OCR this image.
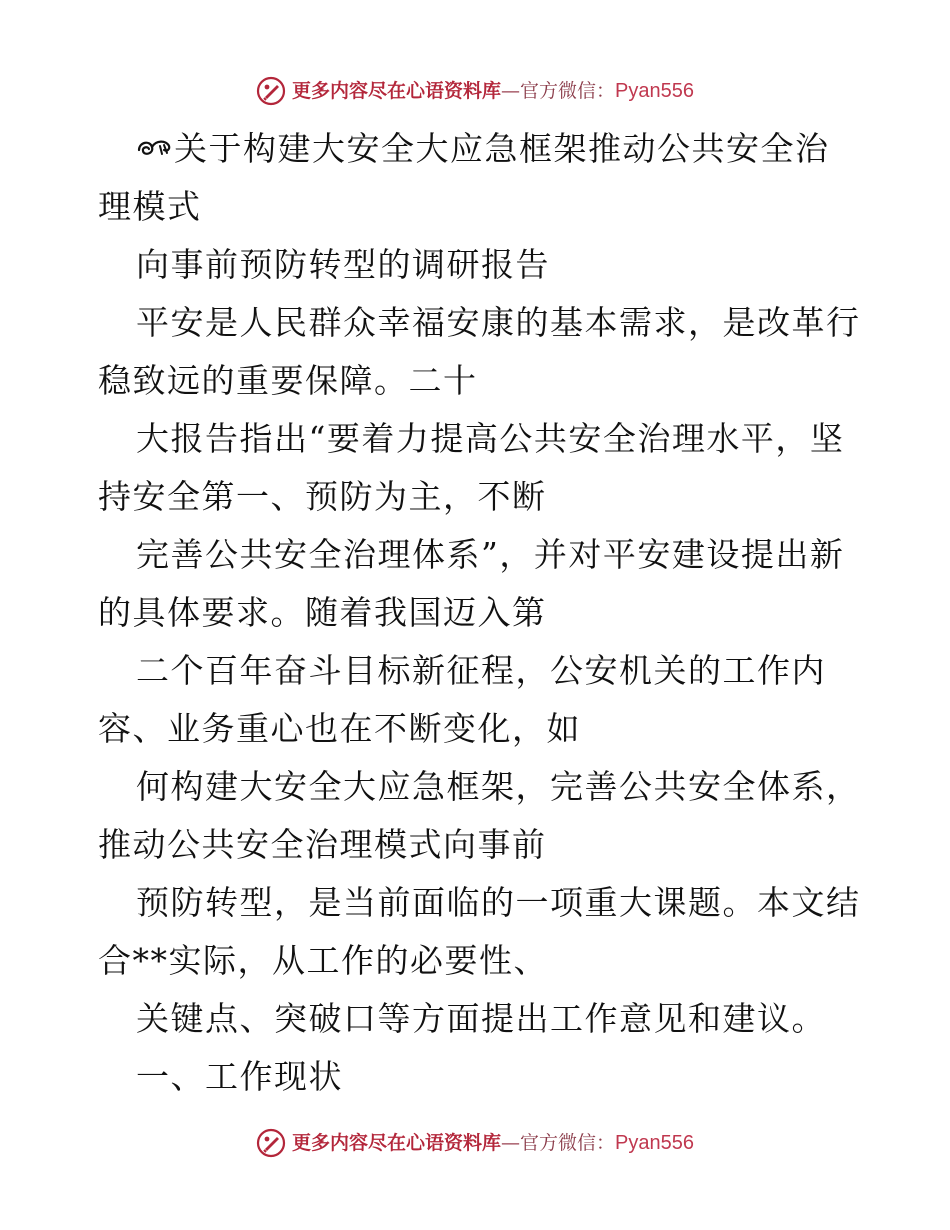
更多内容尽在心语资料库 — 官方微信： Pyan556
关于构建大安全大应急框架推动公共安全治
理模式
向事前预防转型的调研报告
平安是人民群众幸福安康的基本需求，是改革行
稳致远的重要保障。二十
大报告指出“要着力提高公共安全治理水平，坚
持安全第一、预防为主，不断
完善公共安全治理体系”，并对平安建设提出新
的具体要求。随着我国迈入第
二个百年奋斗目标新征程，公安机关的工作内
容、业务重心也在不断变化，如
何构建大安全大应急框架，完善公共安全体系，
推动公共安全治理模式向事前
预防转型，是当前面临的一项重大课题。本文结
合**实际，从工作的必要性、
关键点、突破口等方面提出工作意见和建议。
一、工作现状
更多内容尽在心语资料库 — 官方微信： Pyan556
